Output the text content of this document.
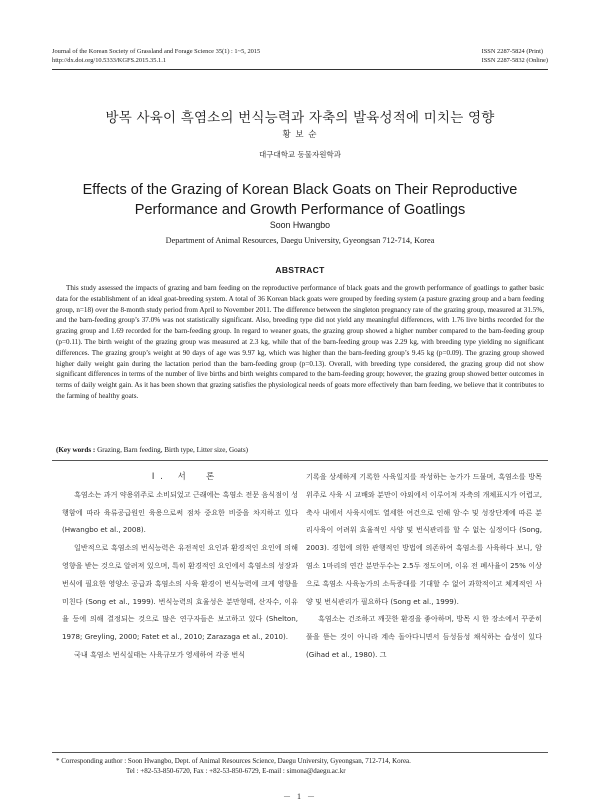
Journal of the Korean Society of Grassland and Forage Science 35(1) : 1~5, 2015
http://dx.doi.org/10.5333/KGFS.2015.35.1.1
ISSN 2287-5824 (Print)
ISSN 2287-5832 (Online)
방목 사육이 흑염소의 번식능력과 자축의 발육성적에 미치는 영향
황 보 순
대구대학교 동물자원학과
Effects of the Grazing of Korean Black Goats on Their Reproductive
Performance and Growth Performance of Goatlings
Soon Hwangbo
Department of Animal Resources, Daegu University, Gyeongsan 712-714, Korea
ABSTRACT

This study assessed the impacts of grazing and barn feeding on the reproductive performance of black goats and the growth performance of goatlings to gather basic data for the establishment of an ideal goat-breeding system. A total of 36 Korean black goats were grouped by feeding system (a pasture grazing group and a barn feeding group, n=18) over the 8-month study period from April to November 2011. The difference between the singleton pregnancy rate of the grazing group, measured at 31.5%, and the barn-feeding group’s 37.0% was not statistically significant. Also, breeding type did not yield any meaningful differences, with 1.76 live births recorded for the grazing group and 1.69 recorded for the barn-feeding group. In regard to weaner goats, the grazing group showed a higher number compared to the barn-feeding group (p=0.11). The birth weight of the grazing group was measured at 2.3 kg, while that of the barn-feeding group was 2.29 kg, with breeding type yielding no significant differences. The grazing group’s weight at 90 days of age was 9.97 kg, which was higher than the barn-feeding group’s 9.45 kg (p=0.09). The grazing group showed higher daily weight gain during the lactation period than the barn-feeding group (p=0.13). Overall, with breeding type considered, the grazing group did not show significant differences in terms of the number of live births and birth weights compared to the barn-feeding group; however, the grazing group showed better outcomes in terms of daily weight gain. As it has been shown that grazing satisfies the physiological needs of goats more effectively than barn feeding, we believe that it contributes to the farming of healthy goats.

(Key words : Grazing, Barn feeding, Birth type, Litter size, Goats)

Ⅰ. 서　론

흑염소는 과거 약용위주로 소비되었고 근래에는 흑염소 전문 음식점이 성행함에 따라 육류공급원인 육용으로써 점차 중요한 비중을 차지하고 있다 (Hwangbo et al., 2008).

일반적으로 흑염소의 번식능력은 유전적인 요인과 환경적인 요인에 의해 영향을 받는 것으로 알려져 있으며, 특히 환경적인 요인에서 흑염소의 성장과 번식에 필요한 영양소 공급과 흑염소의 사육 환경이 번식능력에 크게 영향을 미친다 (Song et al., 1999). 번식능력의 효율성은 분만형태, 산자수, 이유율 등에 의해 결정되는 것으로 많은 연구자들은 보고하고 있다 (Shelton, 1978; Greyling, 2000; Fatet et al., 2010; Zarazaga et al., 2010).

국내 흑염소 번식실태는 사육규모가 영세하여 각종 번식

기록을 상세하게 기록한 사육일지를 작성하는 농가가 드물며, 흑염소를 방목 위주로 사육 시 교배와 분만이 야외에서 이루어져 자축의 개체표시가 어렵고, 축사 내에서 사육시에도 열세한 여건으로 인해 암·수 및 성장단계에 따른 분리사육이 어려워 효율적인 사양 및 번식관리를 할 수 없는 실정이다 (Song, 2003). 경험에 의한 관행적인 방법에 의존하여 흑염소를 사육하다 보니, 암염소 1마리의 연간 분만두수는 2.5두 정도이며, 이유 전 폐사율이 25% 이상으로 흑염소 사육농가의 소득증대를 기대할 수 없어 과학적이고 체계적인 사양 및 번식관리가 필요하다 (Song et al., 1999).

흑염소는 건조하고 깨끗한 환경을 좋아하며, 방목 시 한 장소에서 꾸준히 풀을 뜯는 것이 아니라 계속 돌아다니면서 듬성듬성 채식하는 습성이 있다 (Gihad et al., 1980). 그

* Corresponding author : Soon Hwangbo, Dept. of Animal Resources Science, Daegu University, Gyeongsan, 712-714, Korea.
Tel : +82-53-850-6720, Fax : +82-53-850-6729, E-mail : simona@daegu.ac.kr
－ 1 －
